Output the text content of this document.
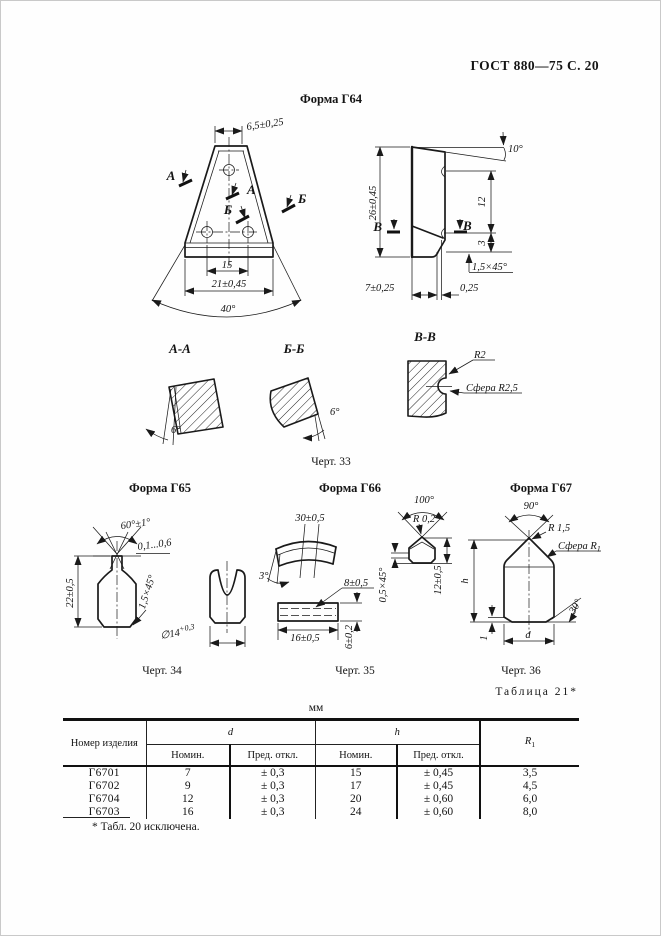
ГОСТ 880—75 С. 20
Форма Г64
6,5±0,25
15
21±0,45
40°
А
А
Б
Б
10°
В	В
26±0,45	12
3
1,5×45°
7±0,25	0,25
А-А
6°
Б-Б
6°
В-В
R2
Сфера R2,5
Черт. 33
Форма Г65
60°±1°
0,1...0,6
22±0,5	1,5×45°
$\emptyset 14^{+0,3}$
Черт. 34
Форма Г66
30±0,5
3°
8±0,5
16±0,5 6±0,2
Черт. 35
Форма Г67
100°
R 0,2
0,5×45°	12±0,5
90°
R 1,5
Сфера $R_1$
h
1
30°
d
Черт. 36
Таблица 21*
мм
Номер изделия	d		h		$R_1$
	Номин.	Пред. откл.	Номин.	Пред. откл.	
Г6701	7	± 0,3	15	± 0,45	3,5
Г6702	9	± 0,3	17	± 0,45	4,5
Г6704	12	± 0,3	20	± 0,60	6,0
Г6703	16	± 0,3	24	± 0,60	8,0
* Табл. 20 исключена.
